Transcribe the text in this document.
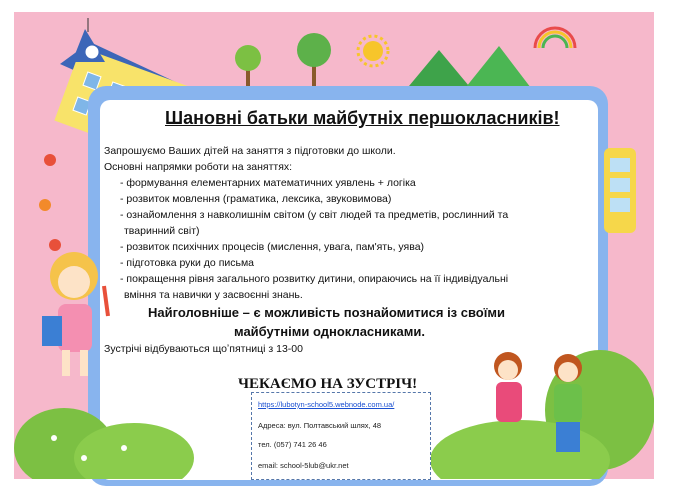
Шановні батьки майбутніх першокласників!
Запрошуємо Ваших дітей на заняття з підготовки до школи.
Основні напрямки роботи на заняттях:
- формування елементарних математичних уявлень + логіка
- розвиток мовлення (граматика, лексика, звуковимова)
- ознайомлення з навколишнім світом (у світ людей та предметів, рослинний та
тваринний світ)
- розвиток психічних процесів (мислення, увага, пам'ять, уява)
- підготовка руки до письма
- покращення рівня загального розвитку дитини, опираючись на її індивідуальні
вміння та навички у засвоєнні знань.
Найголовніше – є можливість познайомитися із своїми
майбутніми однокласниками.
Зустрічі відбуваються щоʼпятниці з 13-00
ЧЕКАЄМО НА ЗУСТРІЧ!
https://lubotyn-school5.webnode.com.ua/
Адреса: вул. Полтавський шлях, 48
тел. (057) 741 26 46
email: school-5lub@ukr.net
